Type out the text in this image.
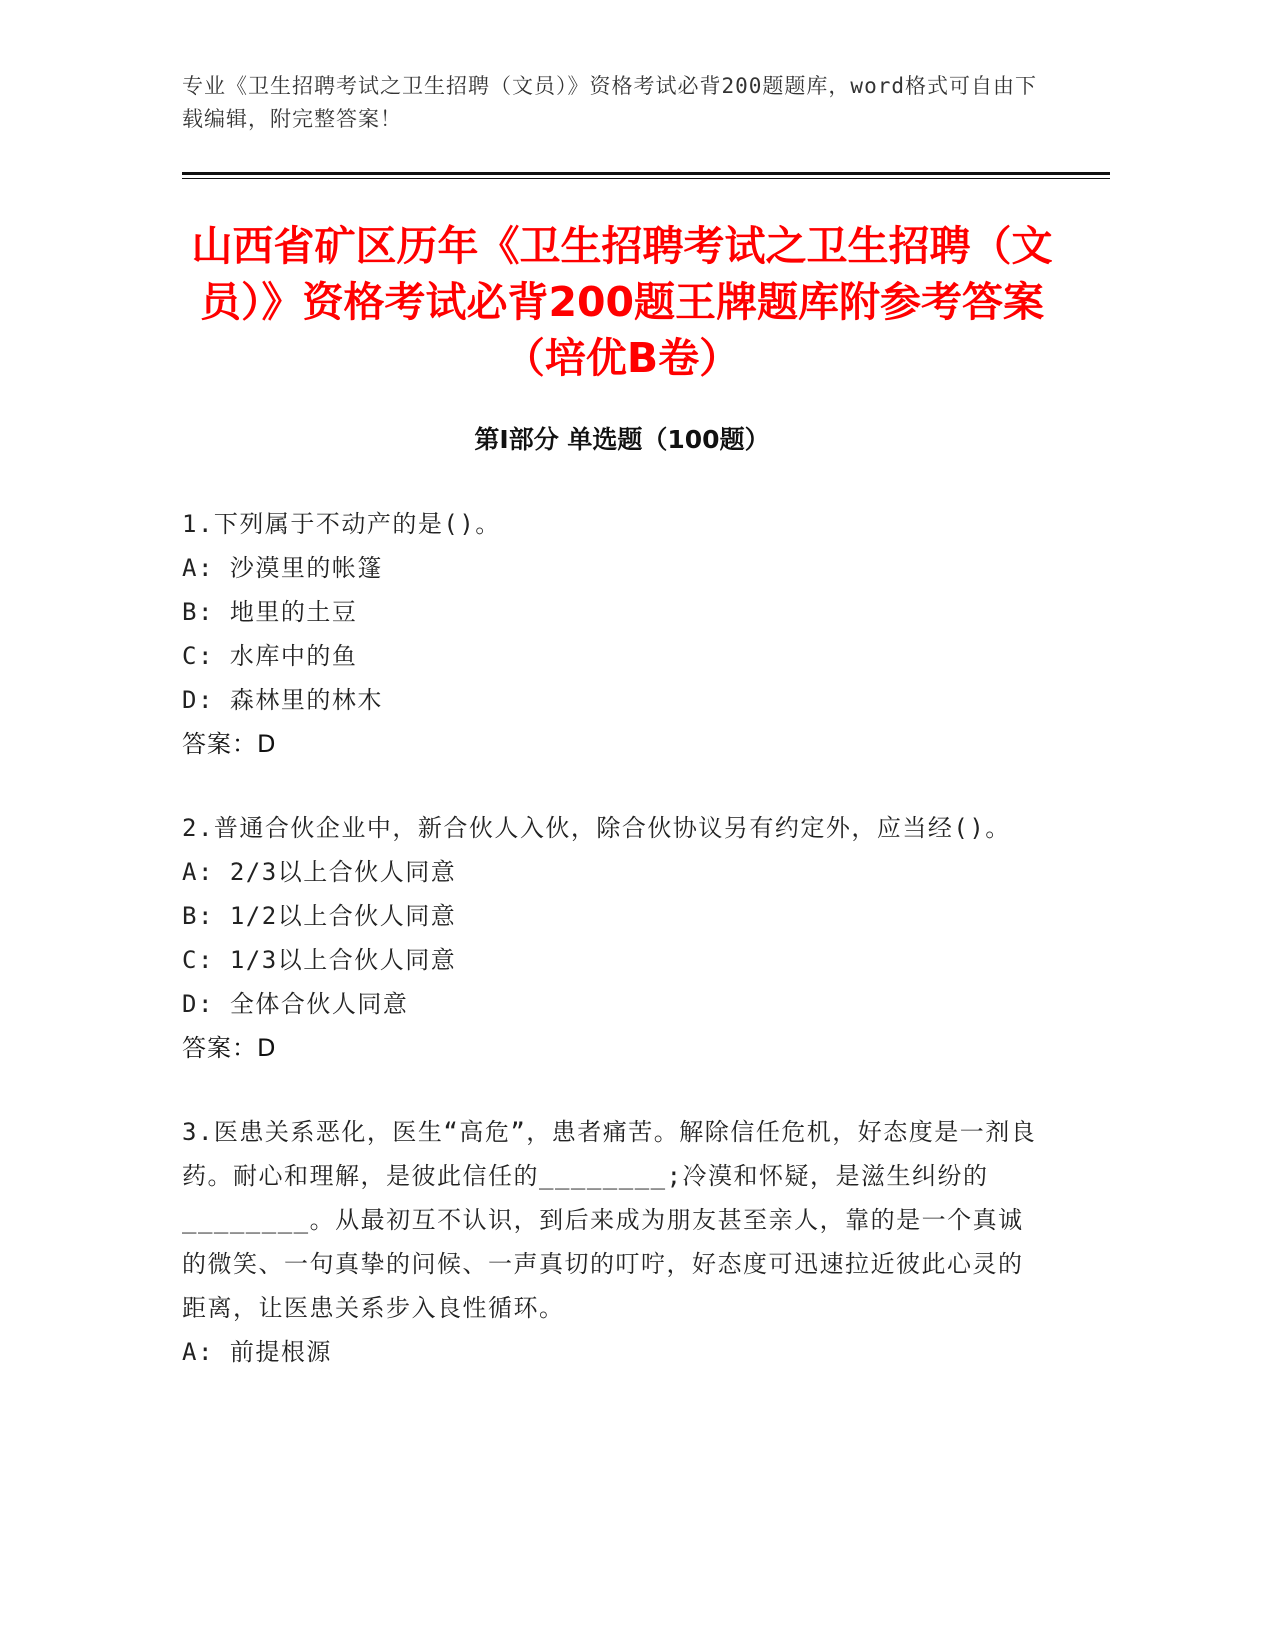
专业《卫生招聘考试之卫生招聘（文员）》资格考试必背200题题库，word格式可自由下载编辑，附完整答案！
山西省矿区历年《卫生招聘考试之卫生招聘（文员）》资格考试必背200题王牌题库附参考答案（培优B卷）
第Ⅰ部分 单选题（100题）
1.下列属于不动产的是()。
A: 沙漠里的帐篷
B: 地里的土豆
C: 水库中的鱼
D: 森林里的林木
答案：D
2.普通合伙企业中，新合伙人入伙，除合伙协议另有约定外，应当经()。
A: 2/3以上合伙人同意
B: 1/2以上合伙人同意
C: 1/3以上合伙人同意
D: 全体合伙人同意
答案：D
3.医患关系恶化，医生“高危”，患者痛苦。解除信任危机，好态度是一剂良药。耐心和理解，是彼此信任的________;冷漠和怀疑，是滋生纠纷的________。从最初互不认识，到后来成为朋友甚至亲人，靠的是一个真诚的微笑、一句真挚的问候、一声真切的叮咛，好态度可迅速拉近彼此心灵的距离，让医患关系步入良性循环。
A: 前提根源
